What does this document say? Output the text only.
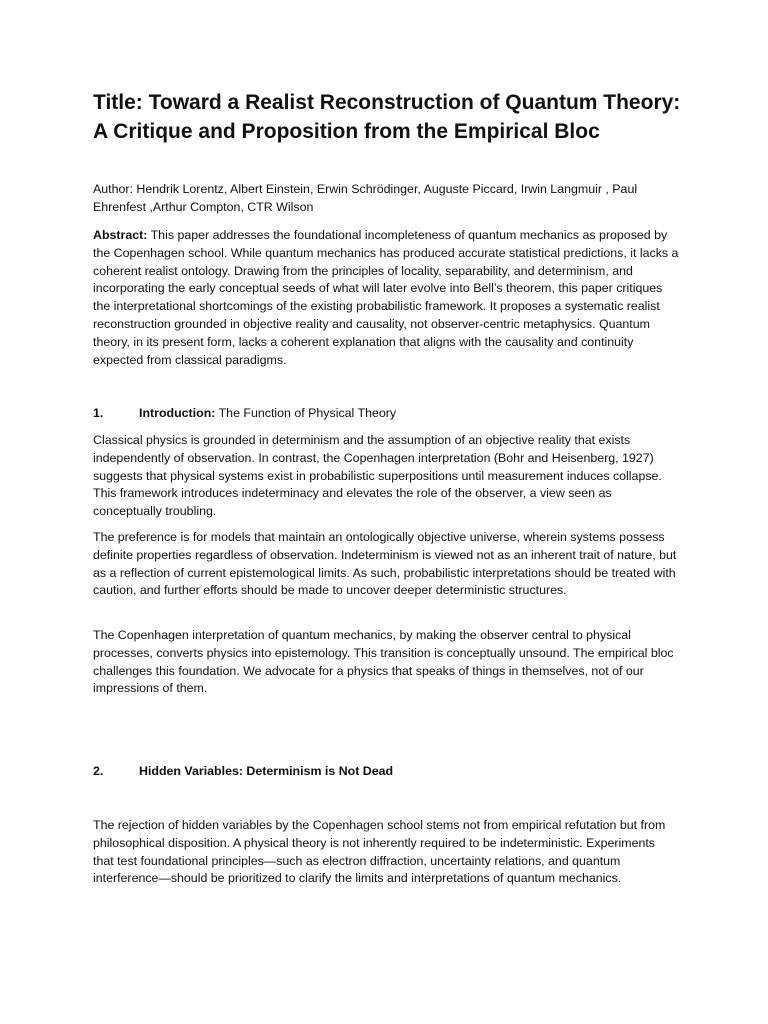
Title: Toward a Realist Reconstruction of Quantum Theory: A Critique and Proposition from the Empirical Bloc

Author: Hendrik Lorentz, Albert Einstein, Erwin Schrödinger, Auguste Piccard, Irwin Langmuir , Paul Ehrenfest ,Arthur Compton, CTR Wilson

Abstract: This paper addresses the foundational incompleteness of quantum mechanics as proposed by the Copenhagen school. While quantum mechanics has produced accurate statistical predictions, it lacks a coherent realist ontology. Drawing from the principles of locality, separability, and determinism, and incorporating the early conceptual seeds of what will later evolve into Bell’s theorem, this paper critiques the interpretational shortcomings of the existing probabilistic framework. It proposes a systematic realist reconstruction grounded in objective reality and causality, not observer-centric metaphysics. Quantum theory, in its present form, lacks a coherent explanation that aligns with the causality and continuity expected from classical paradigms.

1.	Introduction: The Function of Physical Theory

Classical physics is grounded in determinism and the assumption of an objective reality that exists independently of observation. In contrast, the Copenhagen interpretation (Bohr and Heisenberg, 1927) suggests that physical systems exist in probabilistic superpositions until measurement induces collapse. This framework introduces indeterminacy and elevates the role of the observer, a view seen as conceptually troubling.

The preference is for models that maintain an ontologically objective universe, wherein systems possess definite properties regardless of observation. Indeterminism is viewed not as an inherent trait of nature, but as a reflection of current epistemological limits. As such, probabilistic interpretations should be treated with caution, and further efforts should be made to uncover deeper deterministic structures.

The Copenhagen interpretation of quantum mechanics, by making the observer central to physical processes, converts physics into epistemology. This transition is conceptually unsound. The empirical bloc challenges this foundation. We advocate for a physics that speaks of things in themselves, not of our impressions of them.

2.	Hidden Variables: Determinism is Not Dead

The rejection of hidden variables by the Copenhagen school stems not from empirical refutation but from philosophical disposition. A physical theory is not inherently required to be indeterministic. Experiments that test foundational principles—such as electron diffraction, uncertainty relations, and quantum interference—should be prioritized to clarify the limits and interpretations of quantum mechanics.
